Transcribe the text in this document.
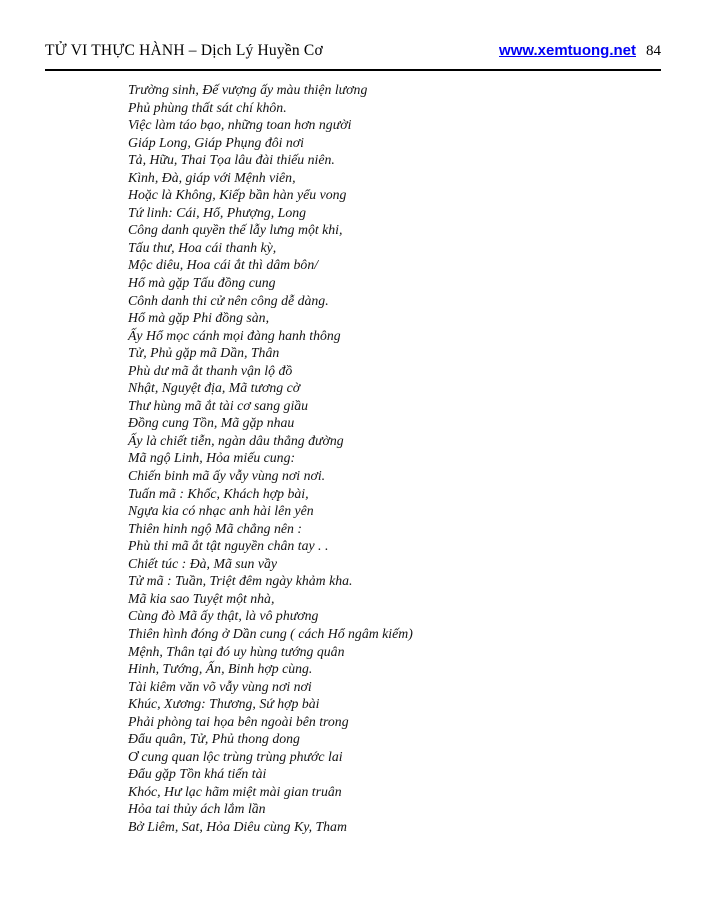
TỬ VI THỰC HÀNH – Dịch Lý Huyền Cơ	www.xemtuong.net 84
Trường sinh, Đế vượng ấy màu thiện lương
Phủ phùng thất sát chí khôn.
Việc làm táo bạo, những toan hơn người
Giáp Long, Giáp Phụng đôi nơi
Tả, Hữu, Thai Tọa lâu đài thiếu niên.
Kình, Đà, giáp với Mệnh viên,
Hoặc là Không, Kiếp bần hàn yểu vong
Tứ linh: Cái, Hổ, Phượng, Long
Công danh quyền thế lẫy lưng một khi,
Tấu thư, Hoa cái thanh kỳ,
Mộc diêu, Hoa cái ắt thì dâm bôn/
Hổ mà gặp Tấu đồng cung
Cônh danh thi cử nên công dễ dàng.
Hổ mà gặp Phi đồng sàn,
Ấy Hổ mọc cánh mọi đàng hanh thông
Tử, Phủ gặp mã Dần, Thân
Phù dư mã ắt thanh vận lộ đồ
Nhật, Nguyệt địa, Mã tương cờ
Thư hùng mã ắt tài cơ sang giầu
Đồng cung Tồn, Mã gặp nhau
Ấy là chiết tiễn, ngàn dâu thẳng đường
Mã ngộ Linh, Hỏa miếu cung:
Chiến binh mã ấy vẫy vùng nơi nơi.
Tuấn mã : Khốc, Khách hợp bài,
Ngựa kia có nhạc anh hài lên yên
Thiên hinh ngộ Mã chẳng nên :
Phù thi mã ắt tật nguyền chân tay . .
Chiết túc : Đà, Mã sun vầy
Tử mã : Tuần, Triệt đêm ngày khảm kha.
Mã kia sao Tuyệt một nhà,
Cùng đò Mã ấy thật, là vô phương
Thiên hình đóng ở Dần cung ( cách Hổ ngâm kiếm)
Mệnh, Thân tại đó uy hùng tướng quân
Hinh, Tướng, Ấn, Binh hợp cùng.
Tài kiêm văn võ vẫy vùng nơi nơi
Khúc, Xương: Thương, Sứ hợp bài
Phải phòng tai họa bên ngoài bên trong
Đẩu quân, Tử, Phủ thong dong
Ơ cung quan lộc trùng trùng phước lai
Đẩu gặp Tồn khá tiến tài
Khóc, Hư lạc hãm miệt mài gian truân
Hỏa tai thủy ách lắm lần
Bở Liêm, Sat, Hỏa Diêu cùng Ky, Tham
